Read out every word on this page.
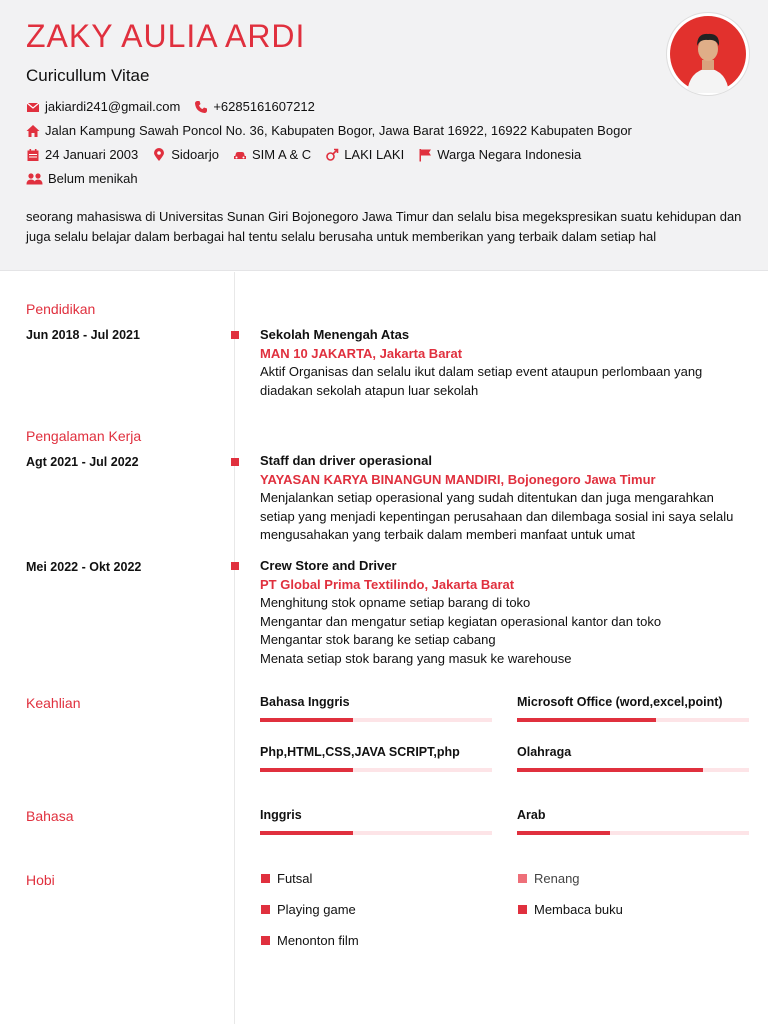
ZAKY AULIA ARDI
Curicullum Vitae
jakiardi241@gmail.com	+6285161607212
Jalan Kampung Sawah Poncol No. 36, Kabupaten Bogor, Jawa Barat 16922, 16922 Kabupaten Bogor
24 Januari 2003	Sidoarjo	SIM A & C	LAKI LAKI	Warga Negara Indonesia
Belum menikah
seorang mahasiswa di Universitas Sunan Giri Bojonegoro Jawa Timur dan selalu bisa megekspresikan suatu kehidupan dan juga selalu belajar dalam berbagai hal tentu selalu berusaha untuk memberikan yang terbaik dalam setiap hal
Pendidikan
Jun 2018 - Jul 2021	Sekolah Menengah Atas
MAN 10 JAKARTA, Jakarta Barat
Aktif Organisas dan selalu ikut dalam setiap event ataupun perlombaan yang diadakan sekolah atapun luar sekolah
Pengalaman Kerja
Agt 2021 - Jul 2022	Staff dan driver operasional
YAYASAN KARYA BINANGUN MANDIRI, Bojonegoro Jawa Timur
Menjalankan setiap operasional yang sudah ditentukan dan juga mengarahkan setiap yang menjadi kepentingan perusahaan dan dilembaga sosial ini saya selalu mengusahakan yang terbaik dalam memberi manfaat untuk umat
Mei 2022 - Okt 2022	Crew Store and Driver
PT Global Prima Textilindo, Jakarta Barat
Menghitung stok opname setiap barang di toko
Mengantar dan mengatur setiap kegiatan operasional kantor dan toko
Mengantar stok barang ke setiap cabang
Menata setiap stok barang yang masuk ke warehouse
Keahlian	Bahasa Inggris	Microsoft Office (word,excel,point)
Php,HTML,CSS,JAVA SCRIPT,php	Olahraga
Bahasa	Inggris	Arab
Hobi	Futsal	Renang
Playing game	Membaca buku
Menonton film
